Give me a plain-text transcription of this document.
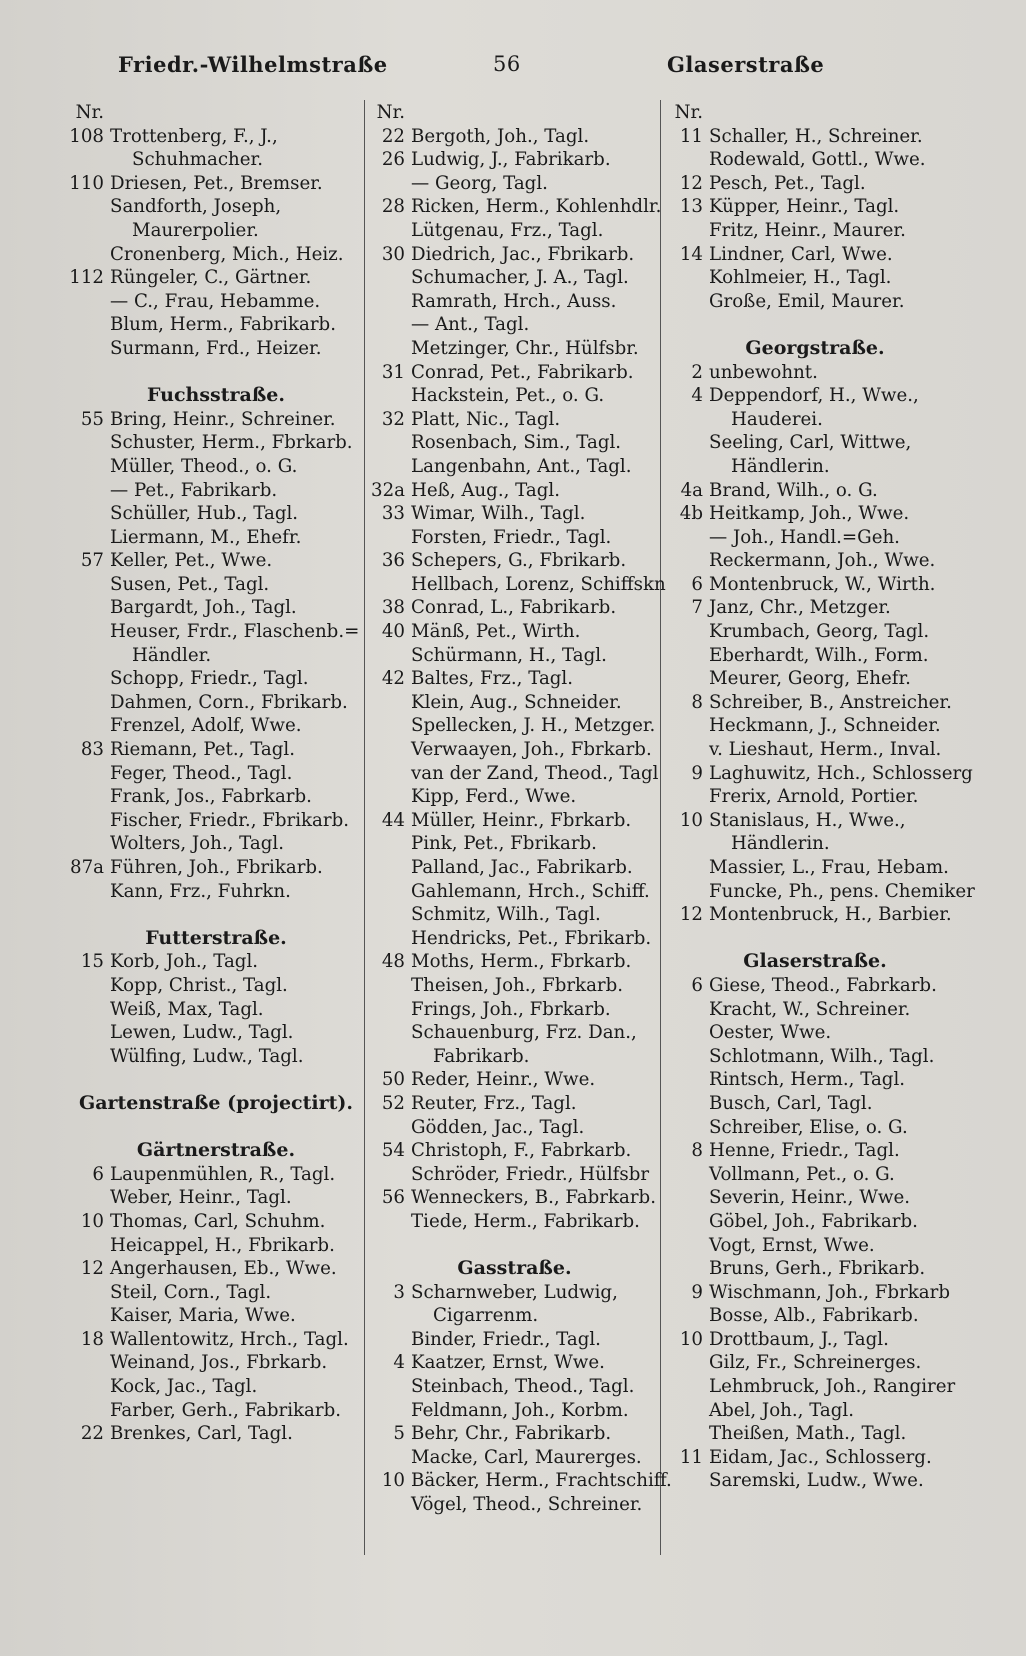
Friedr.-Wilhelmstraße	56	Glaserstraße
Nr.
108 Trottenberg, F., J.,
Schuhmacher.
110 Driesen, Pet., Bremser.
Sandforth, Joseph,
Maurerpolier.
Cronenberg, Mich., Heiz.
112 Rüngeler, C., Gärtner.
— C., Frau, Hebamme.
Blum, Herm., Fabrikarb.
Surmann, Frd., Heizer.
Fuchsstraße.
55 Bring, Heinr., Schreiner.
Schuster, Herm., Fbrkarb.
Müller, Theod., o. G.
— Pet., Fabrikarb.
Schüller, Hub., Tagl.
Liermann, M., Ehefr.
57 Keller, Pet., Wwe.
Susen, Pet., Tagl.
Bargardt, Joh., Tagl.
Heuser, Frdr., Flaschenb.=
Händler.
Schopp, Friedr., Tagl.
Dahmen, Corn., Fbrikarb.
Frenzel, Adolf, Wwe.
83 Riemann, Pet., Tagl.
Feger, Theod., Tagl.
Frank, Jos., Fabrkarb.
Fischer, Friedr., Fbrikarb.
Wolters, Joh., Tagl.
87a Führen, Joh., Fbrikarb.
Kann, Frz., Fuhrkn.
Futterstraße.
15 Korb, Joh., Tagl.
Kopp, Christ., Tagl.
Weiß, Max, Tagl.
Lewen, Ludw., Tagl.
Wülfing, Ludw., Tagl.
Gartenstraße (projectirt).
Gärtnerstraße.
6 Laupenmühlen, R., Tagl.
Weber, Heinr., Tagl.
10 Thomas, Carl, Schuhm.
Heicappel, H., Fbrikarb.
12 Angerhausen, Eb., Wwe.
Steil, Corn., Tagl.
Kaiser, Maria, Wwe.
18 Wallentowitz, Hrch., Tagl.
Weinand, Jos., Fbrkarb.
Kock, Jac., Tagl.
Farber, Gerh., Fabrikarb.
22 Brenkes, Carl, Tagl.
Nr.
22 Bergoth, Joh., Tagl.
26 Ludwig, J., Fabrikarb.
— Georg, Tagl.
28 Ricken, Herm., Kohlenhdlr.
Lütgenau, Frz., Tagl.
30 Diedrich, Jac., Fbrikarb.
Schumacher, J. A., Tagl.
Ramrath, Hrch., Auss.
— Ant., Tagl.
Metzinger, Chr., Hülfsbr.
31 Conrad, Pet., Fabrikarb.
Hackstein, Pet., o. G.
32 Platt, Nic., Tagl.
Rosenbach, Sim., Tagl.
Langenbahn, Ant., Tagl.
32a Heß, Aug., Tagl.
33 Wimar, Wilh., Tagl.
Forsten, Friedr., Tagl.
36 Schepers, G., Fbrikarb.
Hellbach, Lorenz, Schiffskn
38 Conrad, L., Fabrikarb.
40 Mänß, Pet., Wirth.
Schürmann, H., Tagl.
42 Baltes, Frz., Tagl.
Klein, Aug., Schneider.
Spellecken, J. H., Metzger.
Verwaayen, Joh., Fbrkarb.
van der Zand, Theod., Tagl
Kipp, Ferd., Wwe.
44 Müller, Heinr., Fbrkarb.
Pink, Pet., Fbrikarb.
Palland, Jac., Fabrikarb.
Gahlemann, Hrch., Schiff.
Schmitz, Wilh., Tagl.
Hendricks, Pet., Fbrikarb.
48 Moths, Herm., Fbrkarb.
Theisen, Joh., Fbrkarb.
Frings, Joh., Fbrkarb.
Schauenburg, Frz. Dan.,
Fabrikarb.
50 Reder, Heinr., Wwe.
52 Reuter, Frz., Tagl.
Gödden, Jac., Tagl.
54 Christoph, F., Fabrkarb.
Schröder, Friedr., Hülfsbr
56 Wenneckers, B., Fabrkarb.
Tiede, Herm., Fabrikarb.
Gasstraße.
3 Scharnweber, Ludwig,
Cigarrenm.
Binder, Friedr., Tagl.
4 Kaatzer, Ernst, Wwe.
Steinbach, Theod., Tagl.
Feldmann, Joh., Korbm.
5 Behr, Chr., Fabrikarb.
Macke, Carl, Maurerges.
10 Bäcker, Herm., Frachtschiff.
Vögel, Theod., Schreiner.
Nr.
11 Schaller, H., Schreiner.
Rodewald, Gottl., Wwe.
12 Pesch, Pet., Tagl.
13 Küpper, Heinr., Tagl.
Fritz, Heinr., Maurer.
14 Lindner, Carl, Wwe.
Kohlmeier, H., Tagl.
Große, Emil, Maurer.
Georgstraße.
2 unbewohnt.
4 Deppendorf, H., Wwe.,
Hauderei.
Seeling, Carl, Wittwe,
Händlerin.
4a Brand, Wilh., o. G.
4b Heitkamp, Joh., Wwe.
— Joh., Handl.=Geh.
Reckermann, Joh., Wwe.
6 Montenbruck, W., Wirth.
7 Janz, Chr., Metzger.
Krumbach, Georg, Tagl.
Eberhardt, Wilh., Form.
Meurer, Georg, Ehefr.
8 Schreiber, B., Anstreicher.
Heckmann, J., Schneider.
v. Lieshaut, Herm., Inval.
9 Laghuwitz, Hch., Schlosserg
Frerix, Arnold, Portier.
10 Stanislaus, H., Wwe.,
Händlerin.
Massier, L., Frau, Hebam.
Funcke, Ph., pens. Chemiker
12 Montenbruck, H., Barbier.
Glaserstraße.
6 Giese, Theod., Fabrkarb.
Kracht, W., Schreiner.
Oester, Wwe.
Schlotmann, Wilh., Tagl.
Rintsch, Herm., Tagl.
Busch, Carl, Tagl.
Schreiber, Elise, o. G.
8 Henne, Friedr., Tagl.
Vollmann, Pet., o. G.
Severin, Heinr., Wwe.
Göbel, Joh., Fabrikarb.
Vogt, Ernst, Wwe.
Bruns, Gerh., Fbrikarb.
9 Wischmann, Joh., Fbrkarb
Bosse, Alb., Fabrikarb.
10 Drottbaum, J., Tagl.
Gilz, Fr., Schreinerges.
Lehmbruck, Joh., Rangirer
Abel, Joh., Tagl.
Theißen, Math., Tagl.
11 Eidam, Jac., Schlosserg.
Saremski, Ludw., Wwe.
